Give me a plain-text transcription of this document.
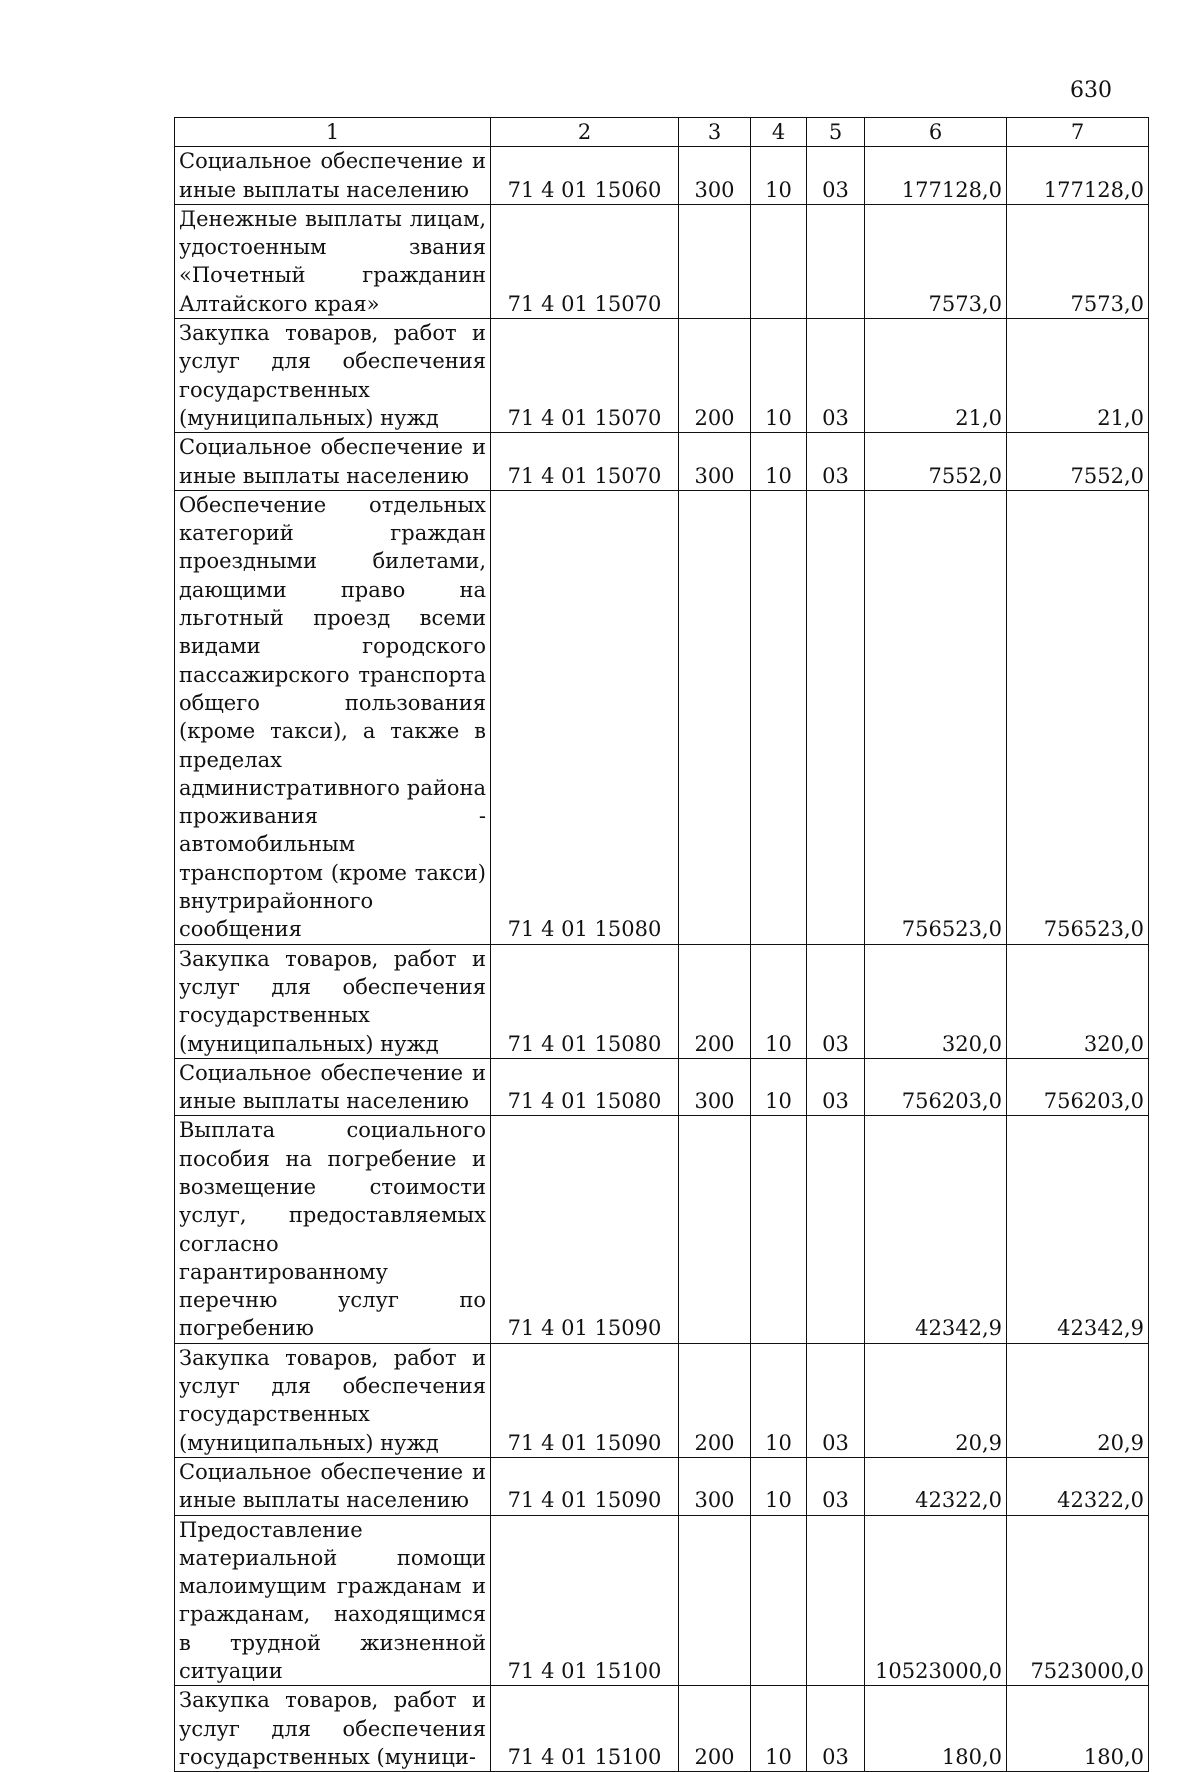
630
1	2	3	4	5	6	7
Социальное обеспечение и иные выплаты населению	71 4 01 15060	300	10	03	177128,0	177128,0
Денежные выплаты лицам, удостоенным звания «Почетный гражданин Алтайского края»	71 4 01 15070				7573,0	7573,0
Закупка товаров, работ и услуг для обеспечения государственных (муниципальных) нужд	71 4 01 15070	200	10	03	21,0	21,0
Социальное обеспечение и иные выплаты населению	71 4 01 15070	300	10	03	7552,0	7552,0
Обеспечение отдельных категорий граждан проездными билетами, дающими право на льготный проезд всеми видами городского пассажирского транспорта общего пользования (кроме такси), а также в пределах административного района проживания - автомобильным транспортом (кроме такси) внутрирайонного сообщения	71 4 01 15080				756523,0	756523,0
Закупка товаров, работ и услуг для обеспечения государственных (муниципальных) нужд	71 4 01 15080	200	10	03	320,0	320,0
Социальное обеспечение и иные выплаты населению	71 4 01 15080	300	10	03	756203,0	756203,0
Выплата социального пособия на погребение и возмещение стоимости услуг, предоставляемых согласно гарантированному перечню услуг по погребению	71 4 01 15090				42342,9	42342,9
Закупка товаров, работ и услуг для обеспечения государственных (муниципальных) нужд	71 4 01 15090	200	10	03	20,9	20,9
Социальное обеспечение и иные выплаты населению	71 4 01 15090	300	10	03	42322,0	42322,0
Предоставление материальной помощи малоимущим гражданам и гражданам, находящимся в трудной жизненной ситуации	71 4 01 15100				10523000,0	7523000,0
Закупка товаров, работ и услуг для обеспечения государственных (муници-	71 4 01 15100	200	10	03	180,0	180,0
